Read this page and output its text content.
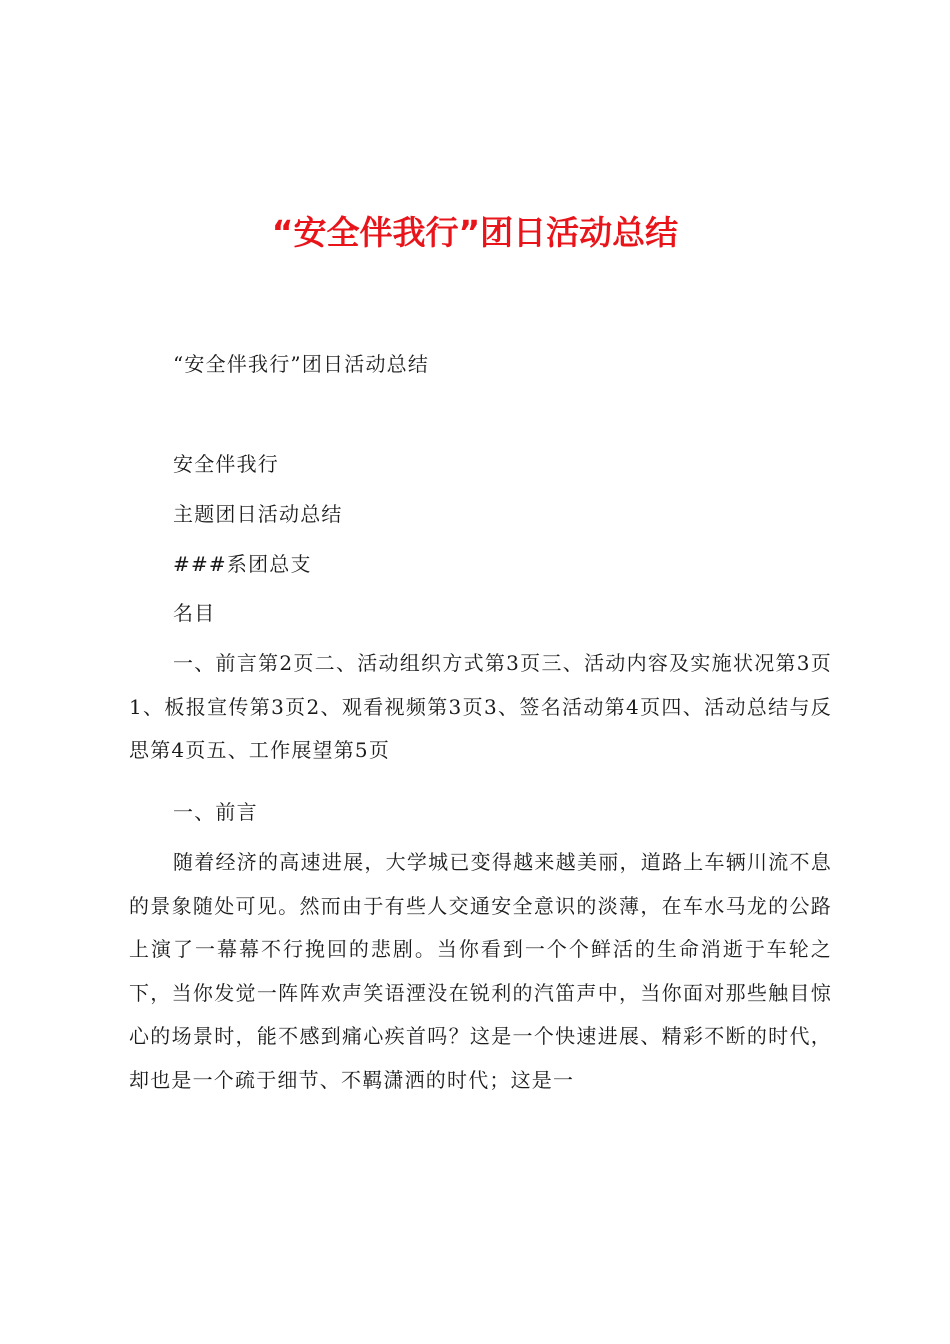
“安全伴我行”团日活动总结

“安全伴我行”团日活动总结

安全伴我行

主题团日活动总结

###系团总支

名目

一、前言第2页二、活动组织方式第3页三、活动内容及实施状况第3页1、板报宣传第3页2、观看视频第3页3、签名活动第4页四、活动总结与反思第4页五、工作展望第5页

一、前言

随着经济的高速进展，大学城已变得越来越美丽，道路上车辆川流不息的景象随处可见。然而由于有些人交通安全意识的淡薄，在车水马龙的公路上演了一幕幕不行挽回的悲剧。当你看到一个个鲜活的生命消逝于车轮之下，当你发觉一阵阵欢声笑语湮没在锐利的汽笛声中，当你面对那些触目惊心的场景时，能不感到痛心疾首吗？这是一个快速进展、精彩不断的时代，却也是一个疏于细节、不羁潇洒的时代；这是一
